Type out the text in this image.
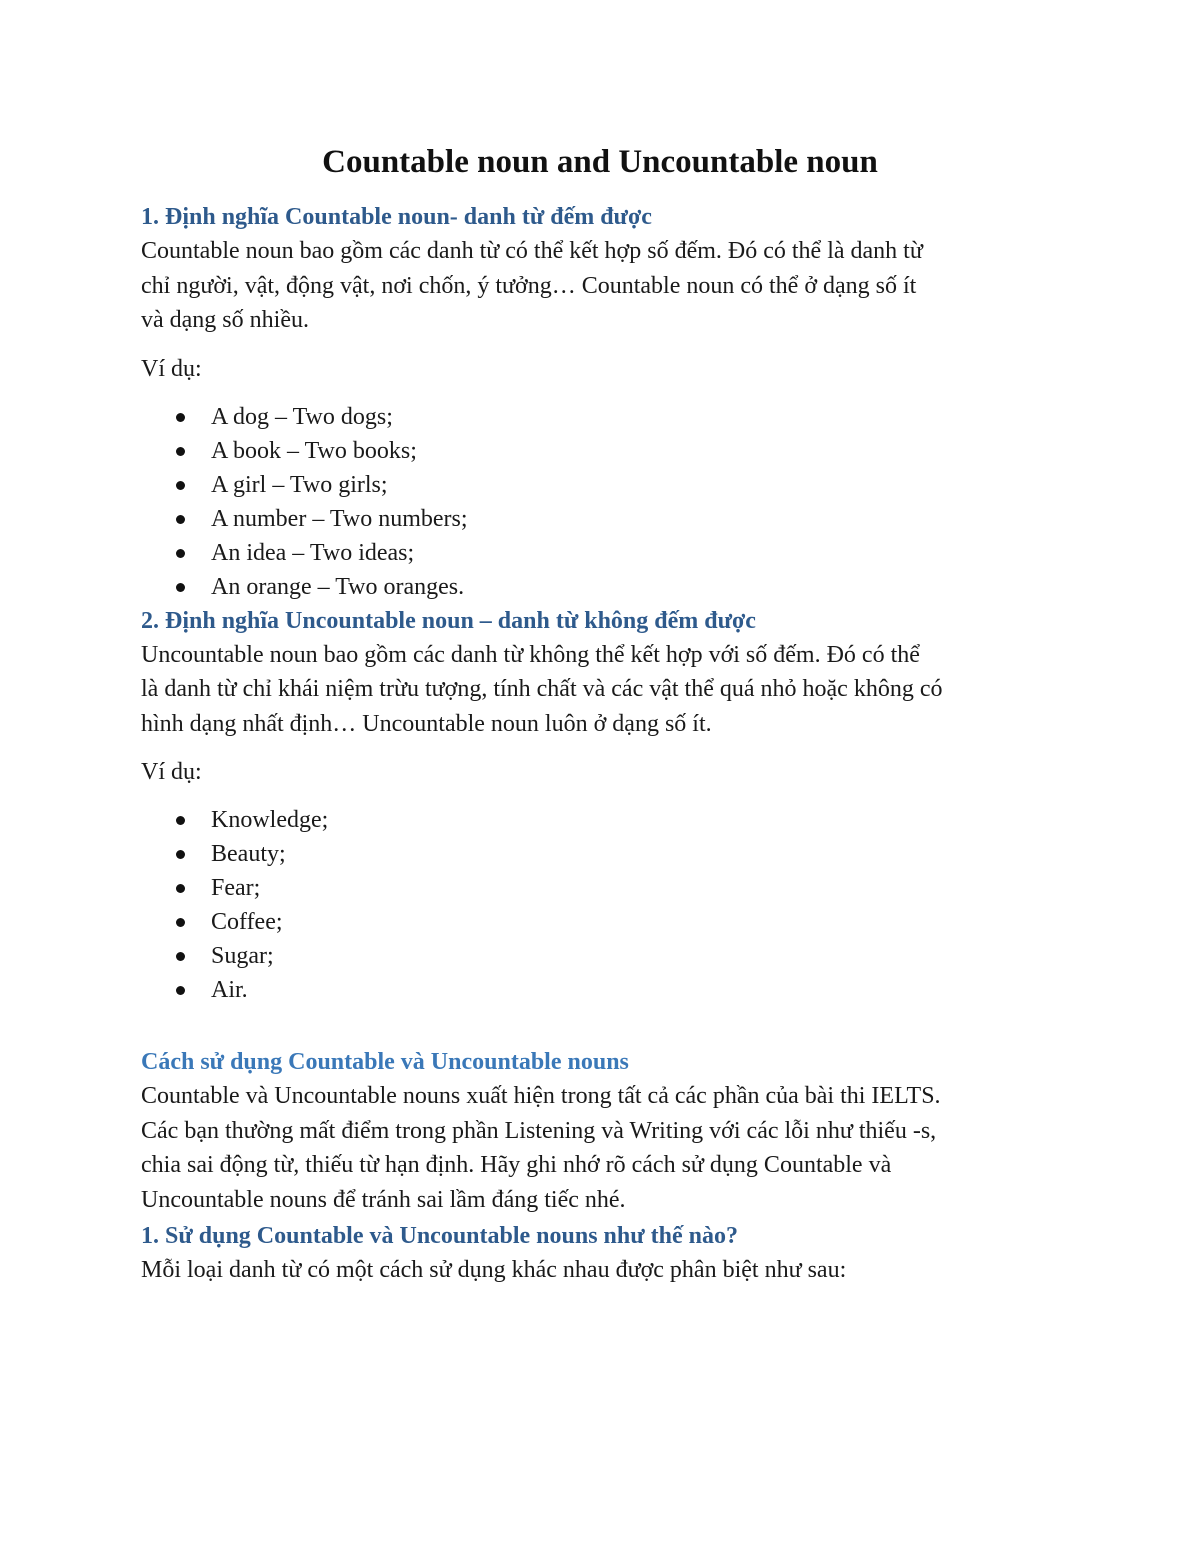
Countable noun and Uncountable noun

1. Định nghĩa Countable noun- danh từ đếm được

Countable noun bao gồm các danh từ có thể kết hợp số đếm. Đó có thể là danh từ
chỉ người, vật, động vật, nơi chốn, ý tưởng… Countable noun có thể ở dạng số ít
và dạng số nhiều.

Ví dụ:

A dog – Two dogs;
A book – Two books;
A girl – Two girls;
A number – Two numbers;
An idea – Two ideas;
An orange – Two oranges.

2. Định nghĩa Uncountable noun – danh từ không đếm được

Uncountable noun bao gồm các danh từ không thể kết hợp với số đếm. Đó có thể
là danh từ chỉ khái niệm trừu tượng, tính chất và các vật thể quá nhỏ hoặc không có
hình dạng nhất định… Uncountable noun luôn ở dạng số ít.

Ví dụ:

Knowledge;
Beauty;
Fear;
Coffee;
Sugar;
Air.

Cách sử dụng Countable và Uncountable nouns

Countable và Uncountable nouns xuất hiện trong tất cả các phần của bài thi IELTS.
Các bạn thường mất điểm trong phần Listening và Writing với các lỗi như thiếu -s,
chia sai động từ, thiếu từ hạn định. Hãy ghi nhớ rõ cách sử dụng Countable và
Uncountable nouns để tránh sai lầm đáng tiếc nhé.

1. Sử dụng Countable và Uncountable nouns như thế nào?

Mỗi loại danh từ có một cách sử dụng khác nhau được phân biệt như sau:
